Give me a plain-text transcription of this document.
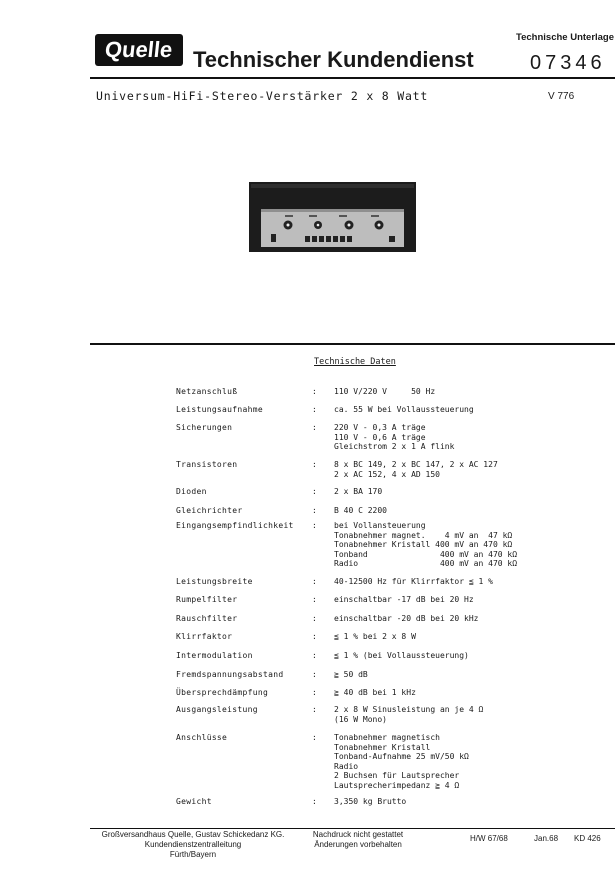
Quelle Technischer Kundendienst
Technische Unterlage
07346
Universum-HiFi-Stereo-Verstärker 2 x 8 Watt	V 776
Technische Daten
Netzanschluß	: 110 V/220 V     50 Hz
Leistungsaufnahme	: ca. 55 W bei Vollaussteuerung
Sicherungen	: 220 V - 0,3 A träge
110 V - 0,6 A träge
Gleichstrom 2 x 1 A flink
Transistoren	: 8 x BC 149, 2 x BC 147, 2 x AC 127
2 x AC 152, 4 x AD 150
Dioden	: 2 x BA 170
Gleichrichter	: B 40 C 2200
Eingangsempfindlichkeit : bei Vollansteuerung
Tonabnehmer magnet.    4 mV an  47 kΩ
Tonabnehmer Kristall 400 mV an 470 kΩ
Tonband               400 mV an 470 kΩ
Radio                 400 mV an 470 kΩ
Leistungsbreite	: 40-12500 Hz für Klirrfaktor ≦ 1 %
Rumpelfilter	: einschaltbar -17 dB bei 20 Hz
Rauschfilter	: einschaltbar -20 dB bei 20 kHz
Klirrfaktor	: ≦ 1 % bei 2 x 8 W
Intermodulation	: ≦ 1 % (bei Vollaussteuerung)
Fremdspannungsabstand	: ≧ 50 dB
Übersprechdämpfung	: ≧ 40 dB bei 1 kHz
Ausgangsleistung	: 2 x 8 W Sinusleistung an je 4 Ω
(16 W Mono)
Anschlüsse	: Tonabnehmer magnetisch
Tonabnehmer Kristall
Tonband-Aufnahme 25 mV/50 kΩ
Radio
2 Buchsen für Lautsprecher
Lautsprecherimpedanz ≧ 4 Ω
Gewicht	: 3,350 kg Brutto
Großversandhaus Quelle, Gustav Schickedanz KG.
Kundendienstzentralleitung
Fürth/Bayern
Nachdruck nicht gestattet
Änderungen vorbehalten
H/W 67/68	Jan.68 KD 426
